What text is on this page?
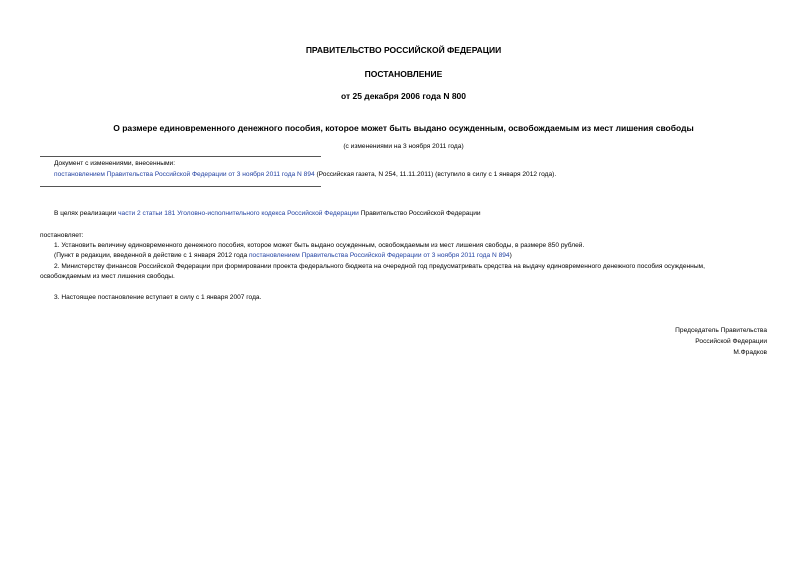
ПРАВИТЕЛЬСТВО РОССИЙСКОЙ ФЕДЕРАЦИИ
ПОСТАНОВЛЕНИЕ
от 25 декабря 2006 года N 800
О размере единовременного денежного пособия, которое может быть выдано осужденным, освобождаемым из мест лишения свободы
(с изменениями на 3 ноября 2011 года)
Документ с изменениями, внесенными:
постановлением Правительства Российской Федерации от 3 ноября 2011 года N 894 (Российская газета, N 254, 11.11.2011) (вступило в силу с 1 января 2012 года).
В целях реализации части 2 статьи 181 Уголовно-исполнительного кодекса Российской Федерации Правительство Российской Федерации
постановляет:
1. Установить величину единовременного денежного пособия, которое может быть выдано осужденным, освобождаемым из мест лишения свободы, в размере 850 рублей.
(Пункт в редакции, введенной в действие с 1 января 2012 года постановлением Правительства Российской Федерации от 3 ноября 2011 года N 894)
2. Министерству финансов Российской Федерации при формировании проекта федерального бюджета на очередной год предусматривать средства на выдачу единовременного денежного пособия осужденным,
освобождаемым из мест лишения свободы.
3. Настоящее постановление вступает в силу с 1 января 2007 года.
Председатель Правительства
Российской Федерации
М.Фрадков
